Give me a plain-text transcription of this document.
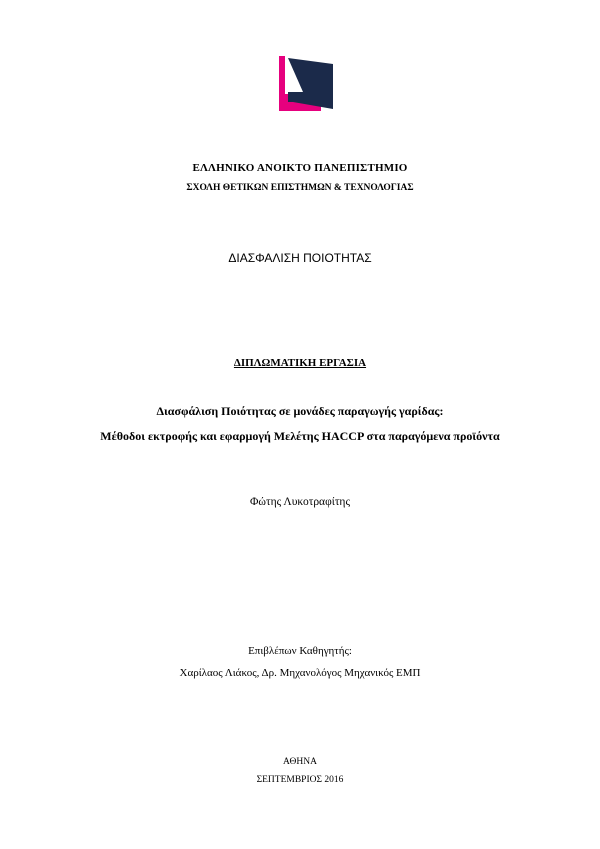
ΕΛΛΗΝΙΚΟ ΑΝΟΙΚΤΟ ΠΑΝΕΠΙΣΤΗΜΙΟ
ΣΧΟΛΗ ΘΕΤΙΚΩΝ ΕΠΙΣΤΗΜΩΝ & ΤΕΧΝΟΛΟΓΙΑΣ
ΔΙΑΣΦΑΛΙΣΗ ΠΟΙΟΤΗΤΑΣ
ΔΙΠΛΩΜΑΤΙΚΗ ΕΡΓΑΣΙΑ
Διασφάλιση Ποιότητας σε μονάδες παραγωγής γαρίδας:
Μέθοδοι εκτροφής και εφαρμογή Μελέτης HACCP στα παραγόμενα προϊόντα
Φώτης Λυκοτραφίτης
Επιβλέπων Καθηγητής:
Χαρίλαος Λιάκος, Δρ. Μηχανολόγος Μηχανικός ΕΜΠ
ΑΘΗΝΑ
ΣΕΠΤΕΜΒΡΙΟΣ 2016
